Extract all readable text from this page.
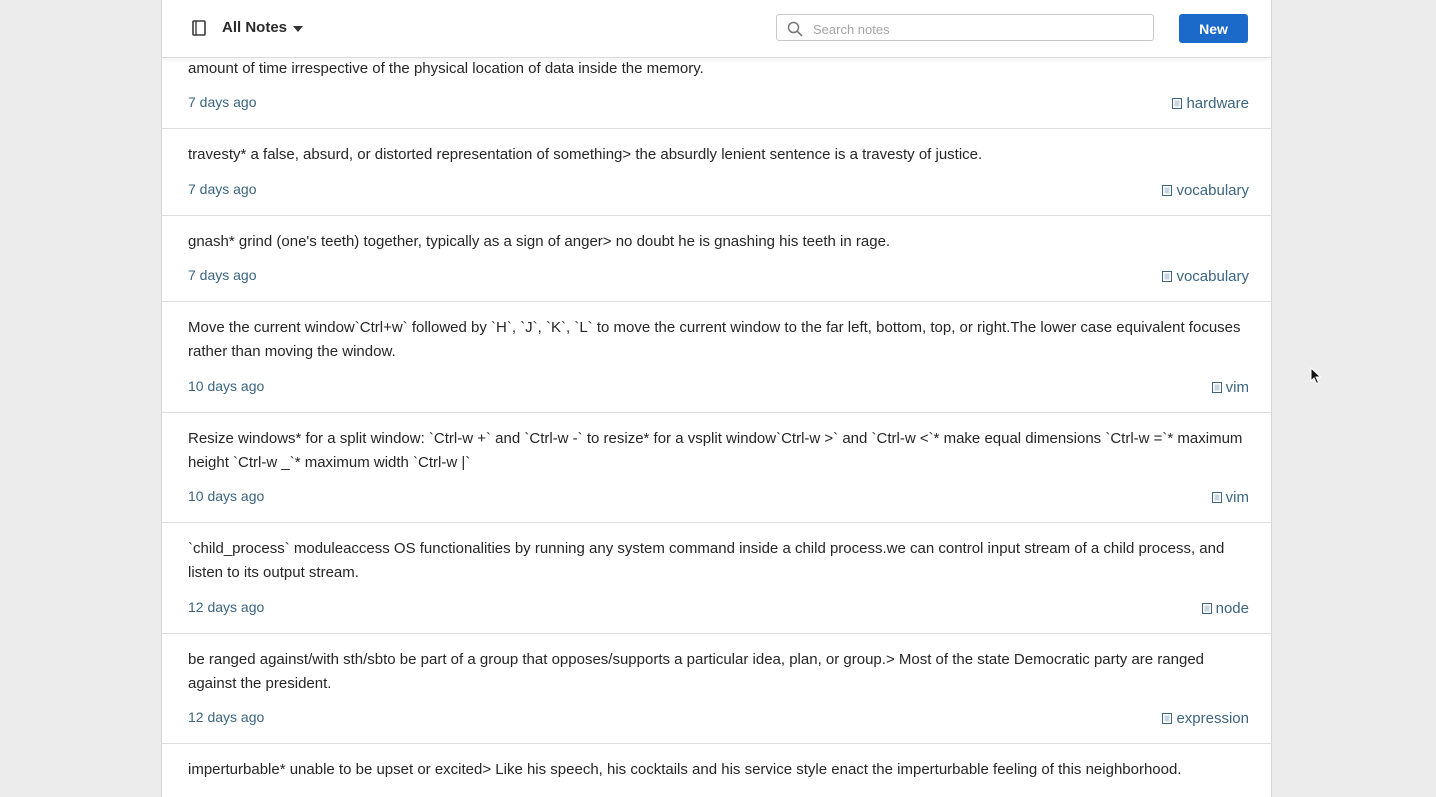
amount of time irrespective of the physical location of data inside the memory.
7 days ago	hardware
travesty* a false, absurd, or distorted representation of something> the absurdly lenient sentence is a travesty of justice.
7 days ago	vocabulary
gnash* grind (one's teeth) together, typically as a sign of anger> no doubt he is gnashing his teeth in rage.
7 days ago	vocabulary
Move the current window`Ctrl+w` followed by `H`, `J`, `K`, `L` to move the current window to the far left, bottom, top, or right.The lower case equivalent focuses rather than moving the window.
10 days ago	vim
Resize windows* for a split window: `Ctrl-w +` and `Ctrl-w -` to resize* for a vsplit window`Ctrl-w >` and `Ctrl-w <`* make equal dimensions `Ctrl-w =`* maximum height `Ctrl-w _`* maximum width `Ctrl-w |`
10 days ago	vim
`child_process` moduleaccess OS functionalities by running any system command inside a child process.we can control input stream of a child process, and listen to its output stream.
12 days ago	node
be ranged against/with sth/sbto be part of a group that opposes/supports a particular idea, plan, or group.> Most of the state Democratic party are ranged against the president.
12 days ago	expression
imperturbable* unable to be upset or excited> Like his speech, his cocktails and his service style enact the imperturbable feeling of this neighborhood.
All Notes
Search notes	New
